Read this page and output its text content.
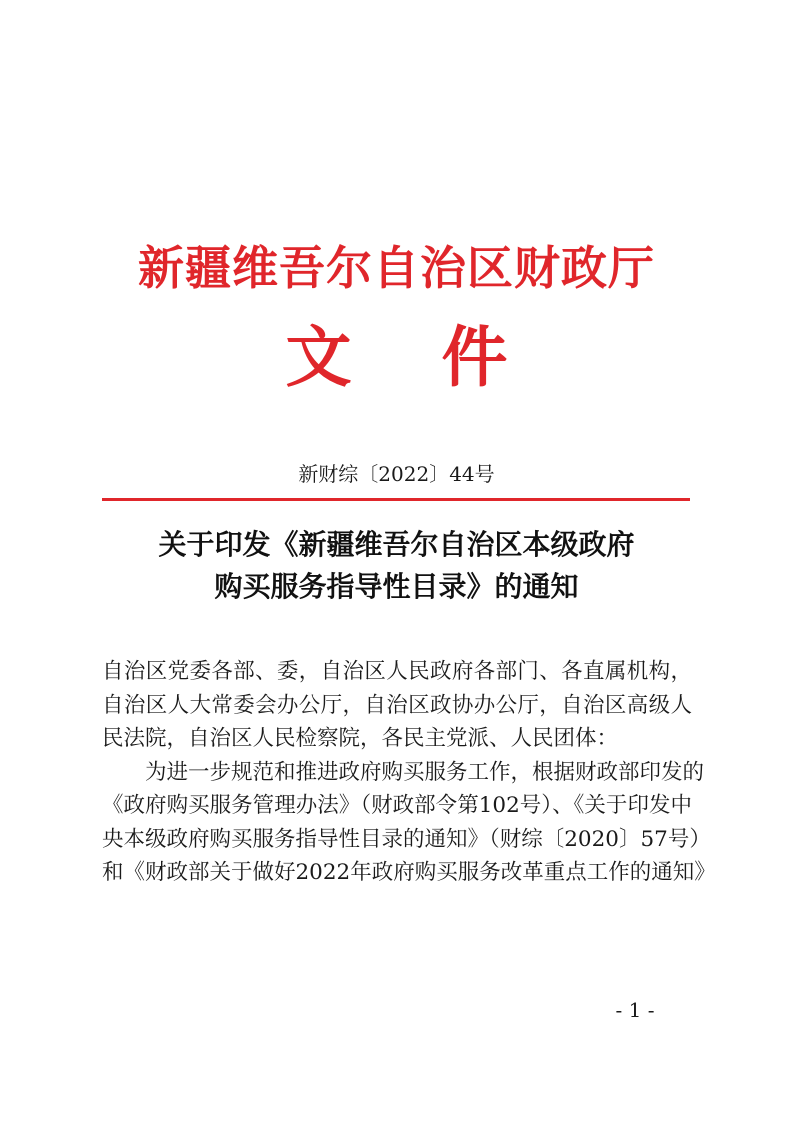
新疆维吾尔自治区财政厅
文件
新财综〔2022〕44号
关于印发《新疆维吾尔自治区本级政府
购买服务指导性目录》的通知
自治区党委各部、委，自治区人民政府各部门、各直属机构，
自治区人大常委会办公厅，自治区政协办公厅，自治区高级人
民法院，自治区人民检察院，各民主党派、人民团体：
为进一步规范和推进政府购买服务工作，根据财政部印发的
《政府购买服务管理办法》（财政部令第102号）、《关于印发中
央本级政府购买服务指导性目录的通知》（财综〔2020〕57号）
和《财政部关于做好2022年政府购买服务改革重点工作的通知》
- 1 -
